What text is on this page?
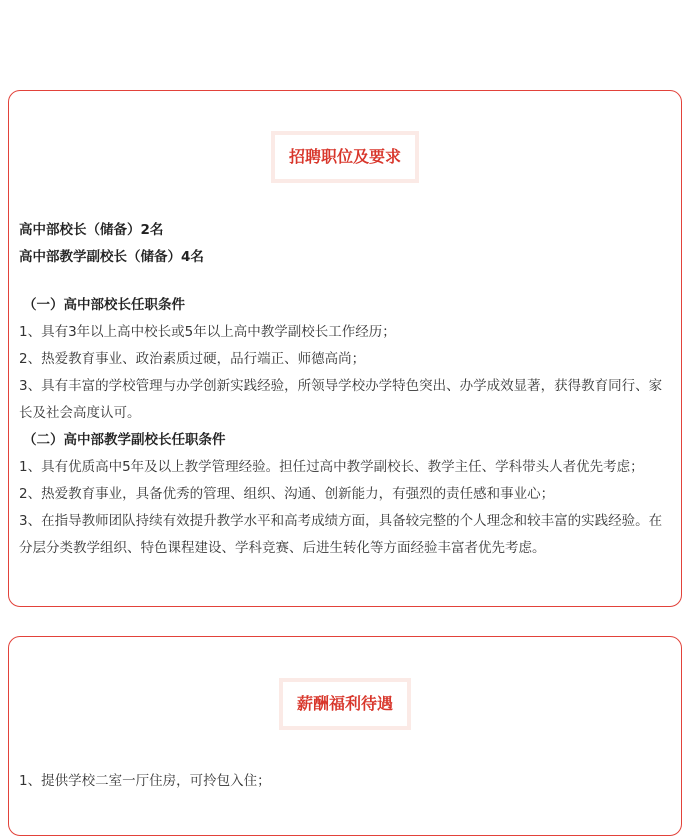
招聘职位及要求

高中部校长（储备）2名

高中部教学副校长（储备）4名

（一）高中部校长任职条件

1、具有3年以上高中校长或5年以上高中教学副校长工作经历；

2、热爱教育事业、政治素质过硬，品行端正、师德高尚；

3、具有丰富的学校管理与办学创新实践经验，所领导学校办学特色突出、办学成效显著，获得教育同行、家长及社会高度认可。

（二）高中部教学副校长任职条件

1、具有优质高中5年及以上教学管理经验。担任过高中教学副校长、教学主任、学科带头人者优先考虑；

2、热爱教育事业，具备优秀的管理、组织、沟通、创新能力，有强烈的责任感和事业心；

3、在指导教师团队持续有效提升教学水平和高考成绩方面，具备较完整的个人理念和较丰富的实践经验。在分层分类教学组织、特色课程建设、学科竞赛、后进生转化等方面经验丰富者优先考虑。

薪酬福利待遇

1、提供学校二室一厅住房，可拎包入住；
